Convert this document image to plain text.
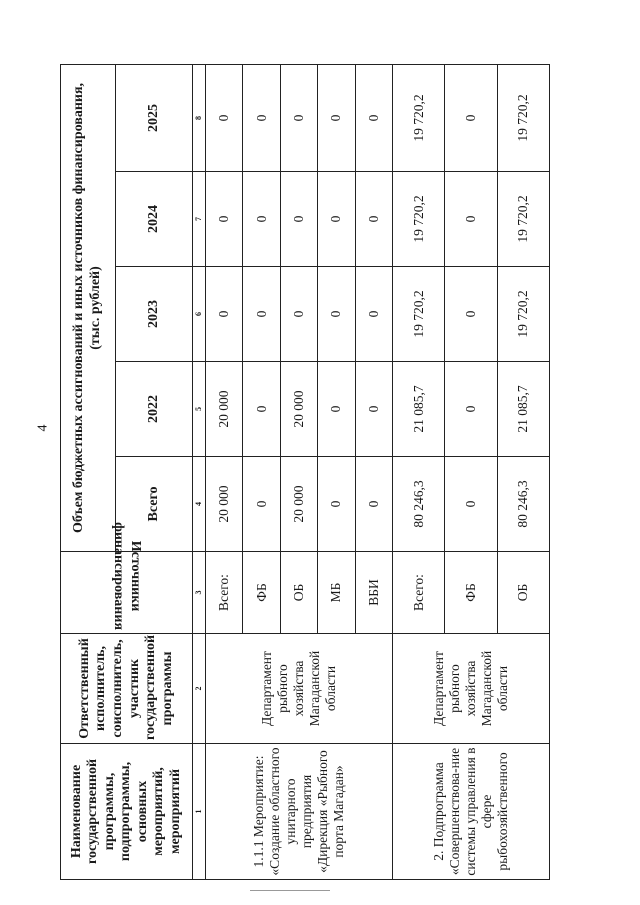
4
Наименование государственной программы, подпрограммы, основных мероприятий, мероприятий	Ответственный исполнитель, соисполнитель, участник государственной программы	Источники финансирования	Объем бюджетных ассигнований и иных источников финансирования, (тыс. рублей)				
			Всего	2022	2023	2024	2025
1	2	3	4	5	6	7	8
1.1.1 Мероприятие: «Создание областного унитарного предприятия «Дирекция «Рыбного порта Магадан»	Департамент рыбного хозяйства Магаданской области	Всего:	20 000	20 000	0	0	0
		ФБ	0	0	0	0	0
		ОБ	20 000	20 000	0	0	0
		МБ	0	0	0	0	0
		ВБИ	0	0	0	0	0
2. Подпрограмма «Совершенствова-ние системы управления в сфере рыбохозяйственного	Департамент рыбного хозяйства Магаданской области	Всего:	80 246,3	21 085,7	19 720,2	19 720,2	19 720,2
		ФБ	0	0	0	0	0
		ОБ	80 246,3	21 085,7	19 720,2	19 720,2	19 720,2
